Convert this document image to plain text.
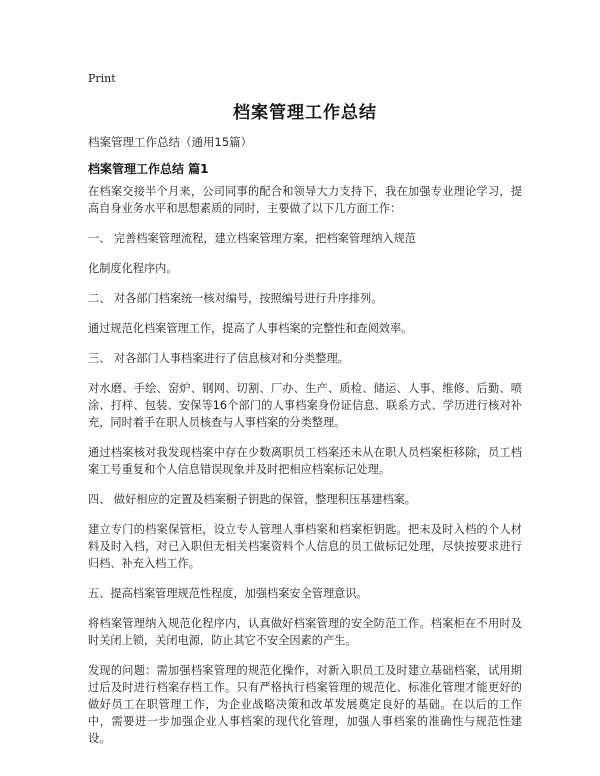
Print
档案管理工作总结
档案管理工作总结（通用15篇）
档案管理工作总结 篇1

在档案交接半个月来，公司同事的配合和领导大力支持下，我在加强专业理论学习，提高自身业务水平和思想素质的同时，主要做了以下几方面工作：

一、 完善档案管理流程，建立档案管理方案，把档案管理纳入规范

化制度化程序内。

二、 对各部门档案统一核对编号，按照编号进行升序排列。

通过规范化档案管理工作，提高了人事档案的完整性和查阅效率。

三、 对各部门人事档案进行了信息核对和分类整理。

对水磨、手绘、窑炉、钢网、切割、厂办、生产、质检、储运、人事、维修、后勤、喷涂、打样、包装、安保等16个部门的人事档案身份证信息、联系方式、学历进行核对补充，同时着手在职人员核查与人事档案的分类整理。

通过档案核对我发现档案中存在少数离职员工档案还未从在职人员档案柜移除，员工档案工号重复和个人信息错误现象并及时把相应档案标记处理。

四、 做好相应的定置及档案橱子钥匙的保管，整理积压基建档案。

建立专门的档案保管柜，设立专人管理人事档案和档案柜钥匙。把未及时入档的个人材料及时入档，对已入职但无相关档案资料个人信息的员工做标记处理，尽快按要求进行归档、补充入档工作。

五、提高档案管理规范性程度，加强档案安全管理意识。

将档案管理纳入规范化程序内，认真做好档案管理的安全防范工作。档案柜在不用时及时关闭上锁，关闭电源，防止其它不安全因素的产生。

发现的问题：需加强档案管理的规范化操作，对新入职员工及时建立基础档案，试用期过后及时进行档案存档工作。只有严格执行档案管理的规范化、标准化管理才能更好的做好员工在职管理工作，为企业战略决策和改革发展奠定良好的基础。在以后的工作中，需要进一步加强企业人事档案的现代化管理，加强人事档案的准确性与规范性建设。
